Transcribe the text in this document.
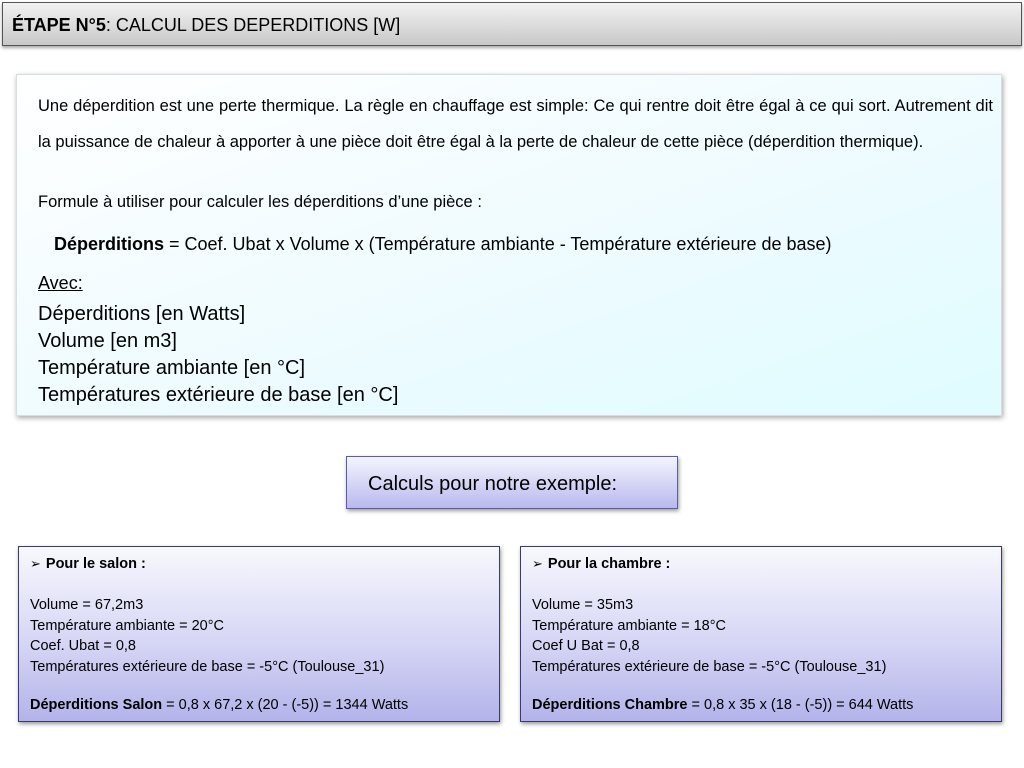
ÉTAPE N°5: CALCUL DES DEPERDITIONS [W]

Une déperdition est une perte thermique. La règle en chauffage est simple: Ce qui rentre doit être égal à ce qui sort. Autrement dit la puissance de chaleur à apporter à une pièce doit être égal à la perte de chaleur de cette pièce (déperdition thermique).

Formule à utiliser pour calculer les déperditions d’une pièce :
Déperditions = Coef. Ubat x Volume x (Température ambiante - Température extérieure de base)
Avec:
Déperditions [en Watts]
Volume [en m3]
Température ambiante [en °C]
Températures extérieure de base [en °C]
Calculs pour notre exemple:
➢ Pour le salon :
Volume = 67,2m3
Température ambiante = 20°C
Coef. Ubat = 0,8
Températures extérieure de base = -5°C (Toulouse_31)
Déperditions Salon = 0,8 x 67,2 x (20 - (-5)) = 1344 Watts
➢ Pour la chambre :
Volume = 35m3
Température ambiante = 18°C
Coef U Bat = 0,8
Températures extérieure de base = -5°C (Toulouse_31)
Déperditions Chambre = 0,8 x 35 x (18 - (-5)) = 644 Watts
